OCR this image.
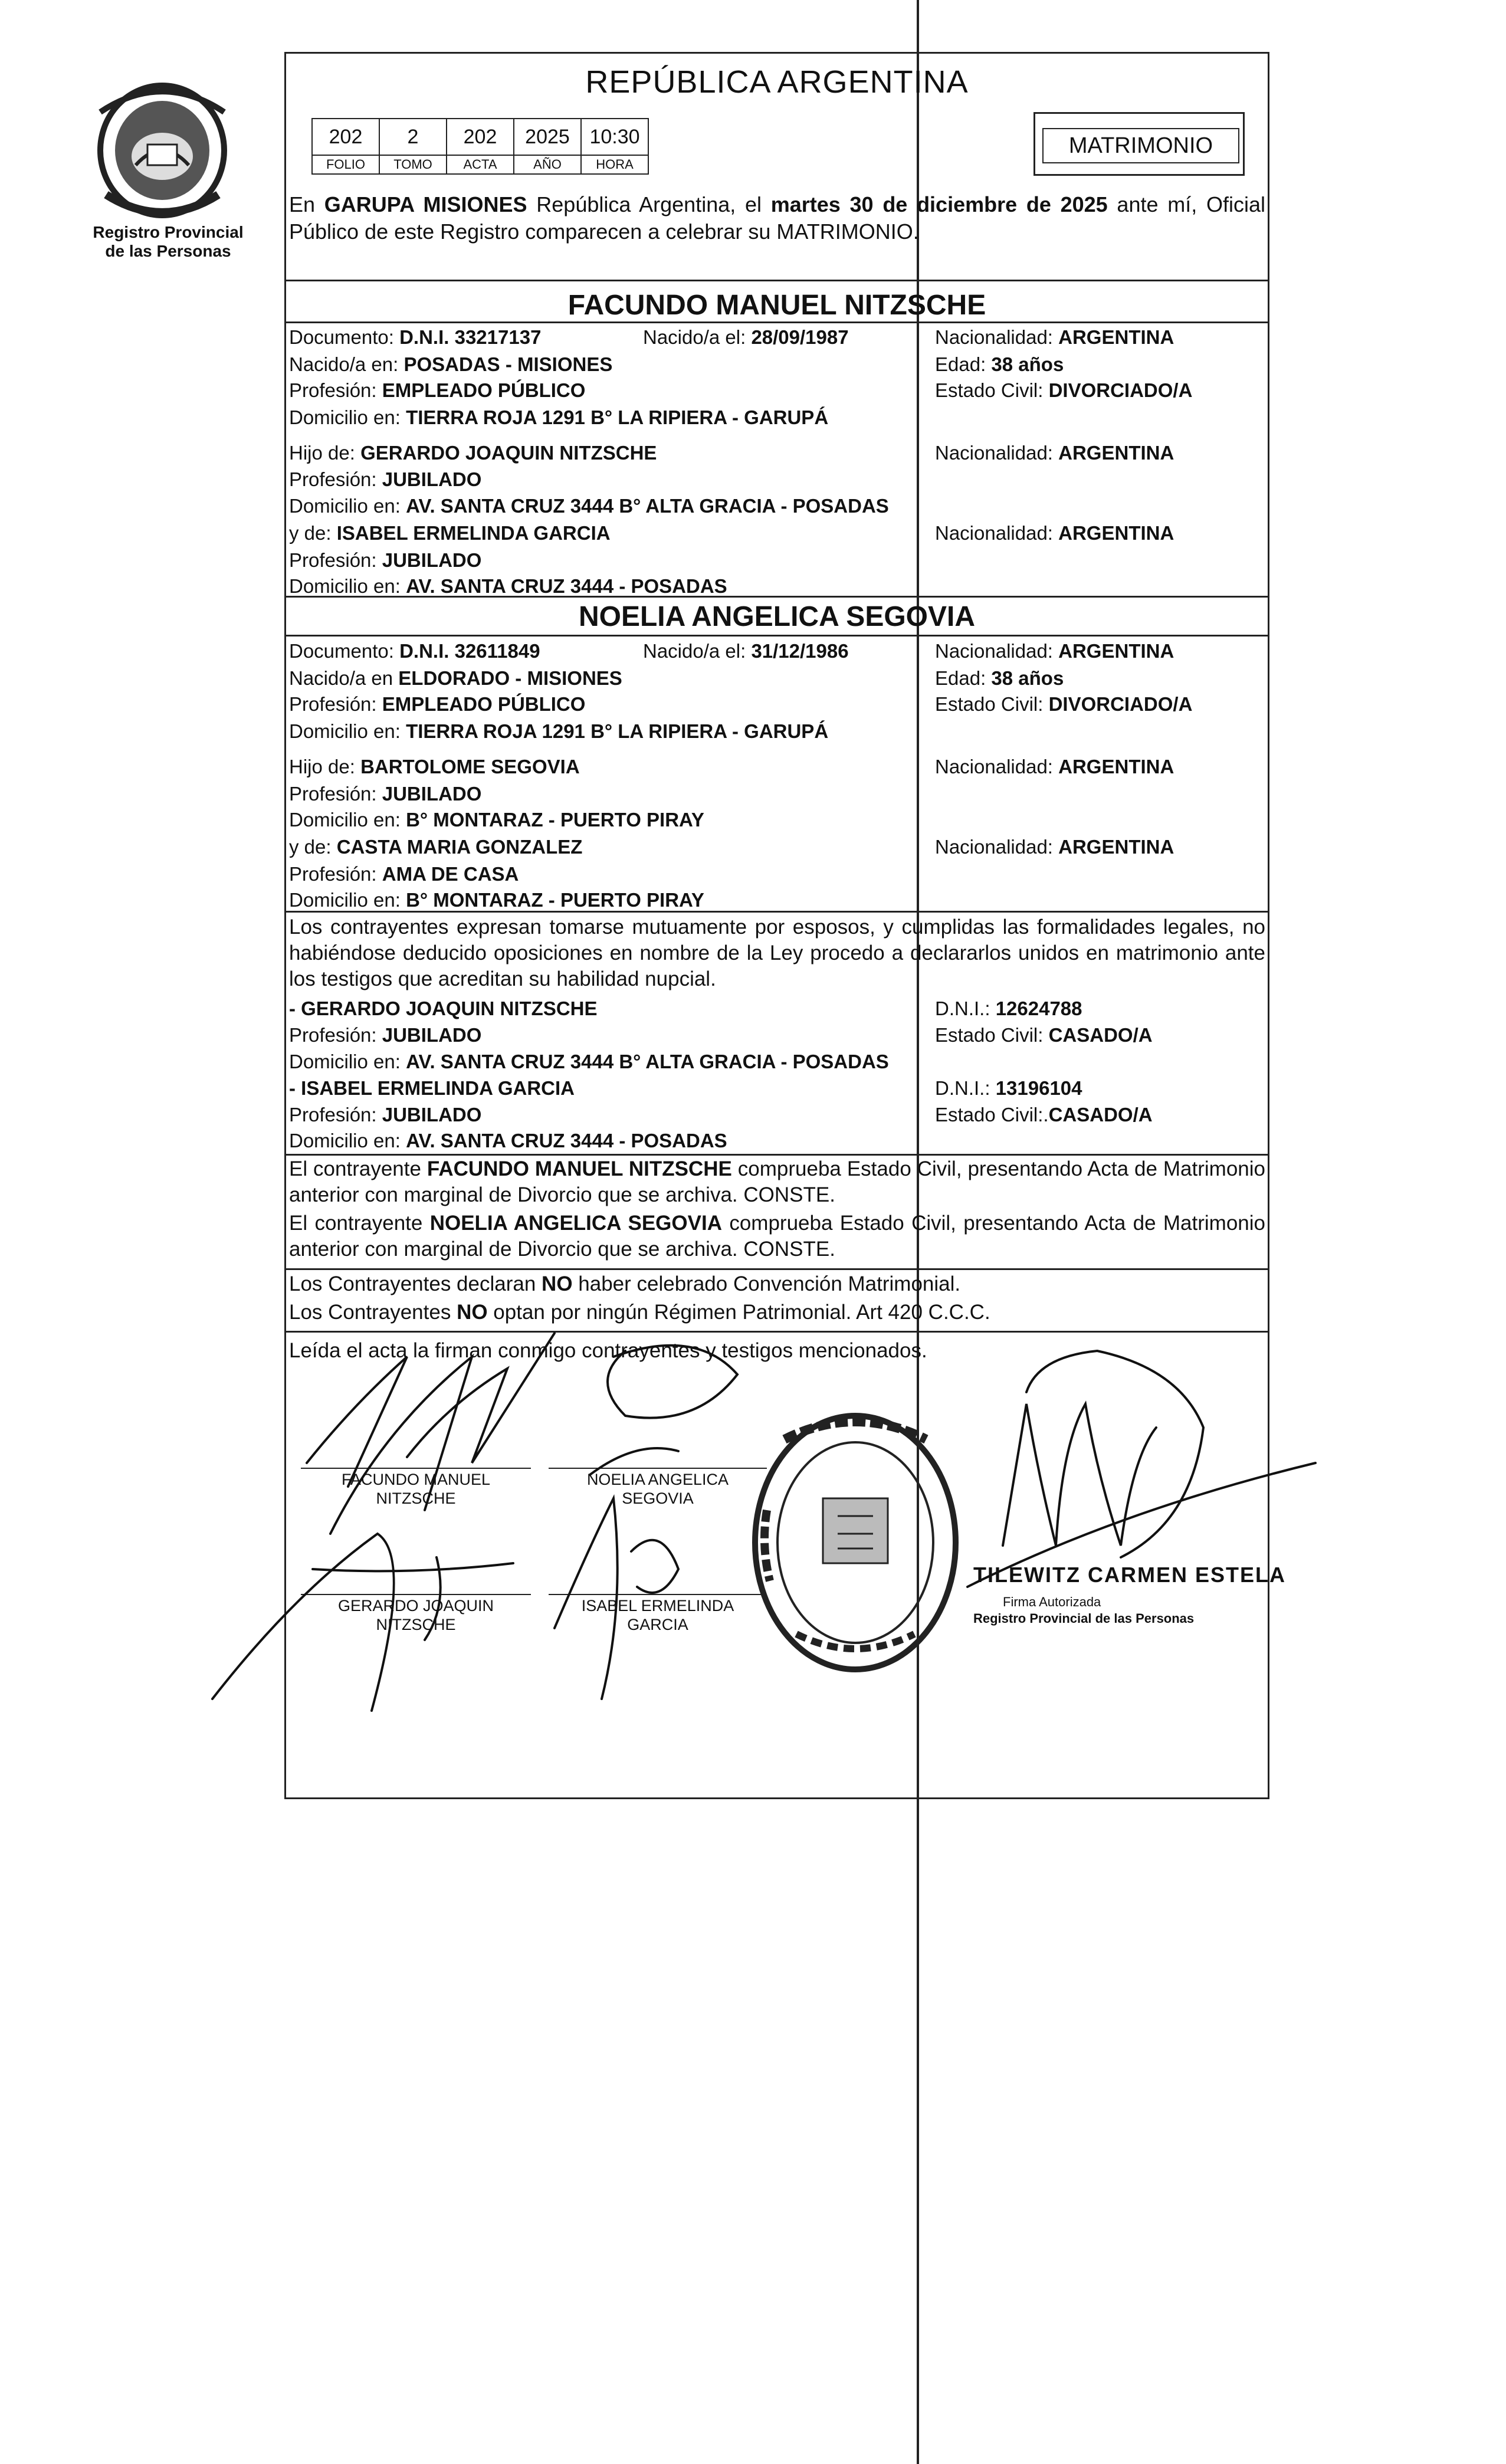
Registro Provincial
de las Personas
REPÚBLICA ARGENTINA
202	2	202	2025	10:30
FOLIO	TOMO	ACTA	AÑO	HORA
MATRIMONIO
En GARUPA MISIONES República Argentina, el martes 30 de diciembre de 2025 ante mí, Oficial Público de este Registro comparecen a celebrar su MATRIMONIO.
FACUNDO MANUEL NITZSCHE
Documento: D.N.I. 33217137	Nacido/a el: 28/09/1987	Nacionalidad: ARGENTINA
Nacido/a en: POSADAS - MISIONES	Edad: 38 años
Profesión: EMPLEADO PÚBLICO	Estado Civil: DIVORCIADO/A
Domicilio en: TIERRA ROJA 1291 B° LA RIPIERA - GARUPÁ
Hijo de: GERARDO JOAQUIN NITZSCHE	Nacionalidad: ARGENTINA
Profesión: JUBILADO
Domicilio en: AV. SANTA CRUZ 3444 B° ALTA GRACIA - POSADAS
y de: ISABEL ERMELINDA GARCIA	Nacionalidad: ARGENTINA
Profesión: JUBILADO
Domicilio en: AV. SANTA CRUZ 3444 - POSADAS
NOELIA ANGELICA SEGOVIA
Documento: D.N.I. 32611849	Nacido/a el: 31/12/1986	Nacionalidad: ARGENTINA
Nacido/a en ELDORADO - MISIONES	Edad: 38 años
Profesión: EMPLEADO PÚBLICO	Estado Civil: DIVORCIADO/A
Domicilio en: TIERRA ROJA 1291 B° LA RIPIERA - GARUPÁ
Hijo de: BARTOLOME SEGOVIA	Nacionalidad: ARGENTINA
Profesión: JUBILADO
Domicilio en: B° MONTARAZ - PUERTO PIRAY
y de: CASTA MARIA GONZALEZ	Nacionalidad: ARGENTINA
Profesión: AMA DE CASA
Domicilio en: B° MONTARAZ - PUERTO PIRAY
Los contrayentes expresan tomarse mutuamente por esposos, y cumplidas las formalidades legales, no habiéndose deducido oposiciones en nombre de la Ley procedo a declararlos unidos en matrimonio ante los testigos que acreditan su habilidad nupcial.
- GERARDO JOAQUIN NITZSCHE	D.N.I.: 12624788
Profesión: JUBILADO	Estado Civil: CASADO/A
Domicilio en: AV. SANTA CRUZ 3444 B° ALTA GRACIA - POSADAS
- ISABEL ERMELINDA GARCIA	D.N.I.: 13196104
Profesión: JUBILADO	Estado Civil:.CASADO/A
Domicilio en: AV. SANTA CRUZ 3444 - POSADAS
El contrayente FACUNDO MANUEL NITZSCHE comprueba Estado Civil, presentando Acta de Matrimonio anterior con marginal de Divorcio que se archiva. CONSTE.
El contrayente NOELIA ANGELICA SEGOVIA comprueba Estado Civil, presentando Acta de Matrimonio anterior con marginal de Divorcio que se archiva. CONSTE.
Los Contrayentes declaran NO haber celebrado Convención Matrimonial.
Los Contrayentes NO optan por ningún Régimen Patrimonial. Art 420 C.C.C.
Leída el acta la firman conmigo contrayentes y testigos mencionados.
FACUNDO MANUEL
NITZSCHE
NOELIA ANGELICA
SEGOVIA
GERARDO JOAQUIN
NITZSCHE
ISABEL ERMELINDA
GARCIA
TILEWITZ CARMEN ESTELA
Firma Autorizada
Registro Provincial de las Personas
